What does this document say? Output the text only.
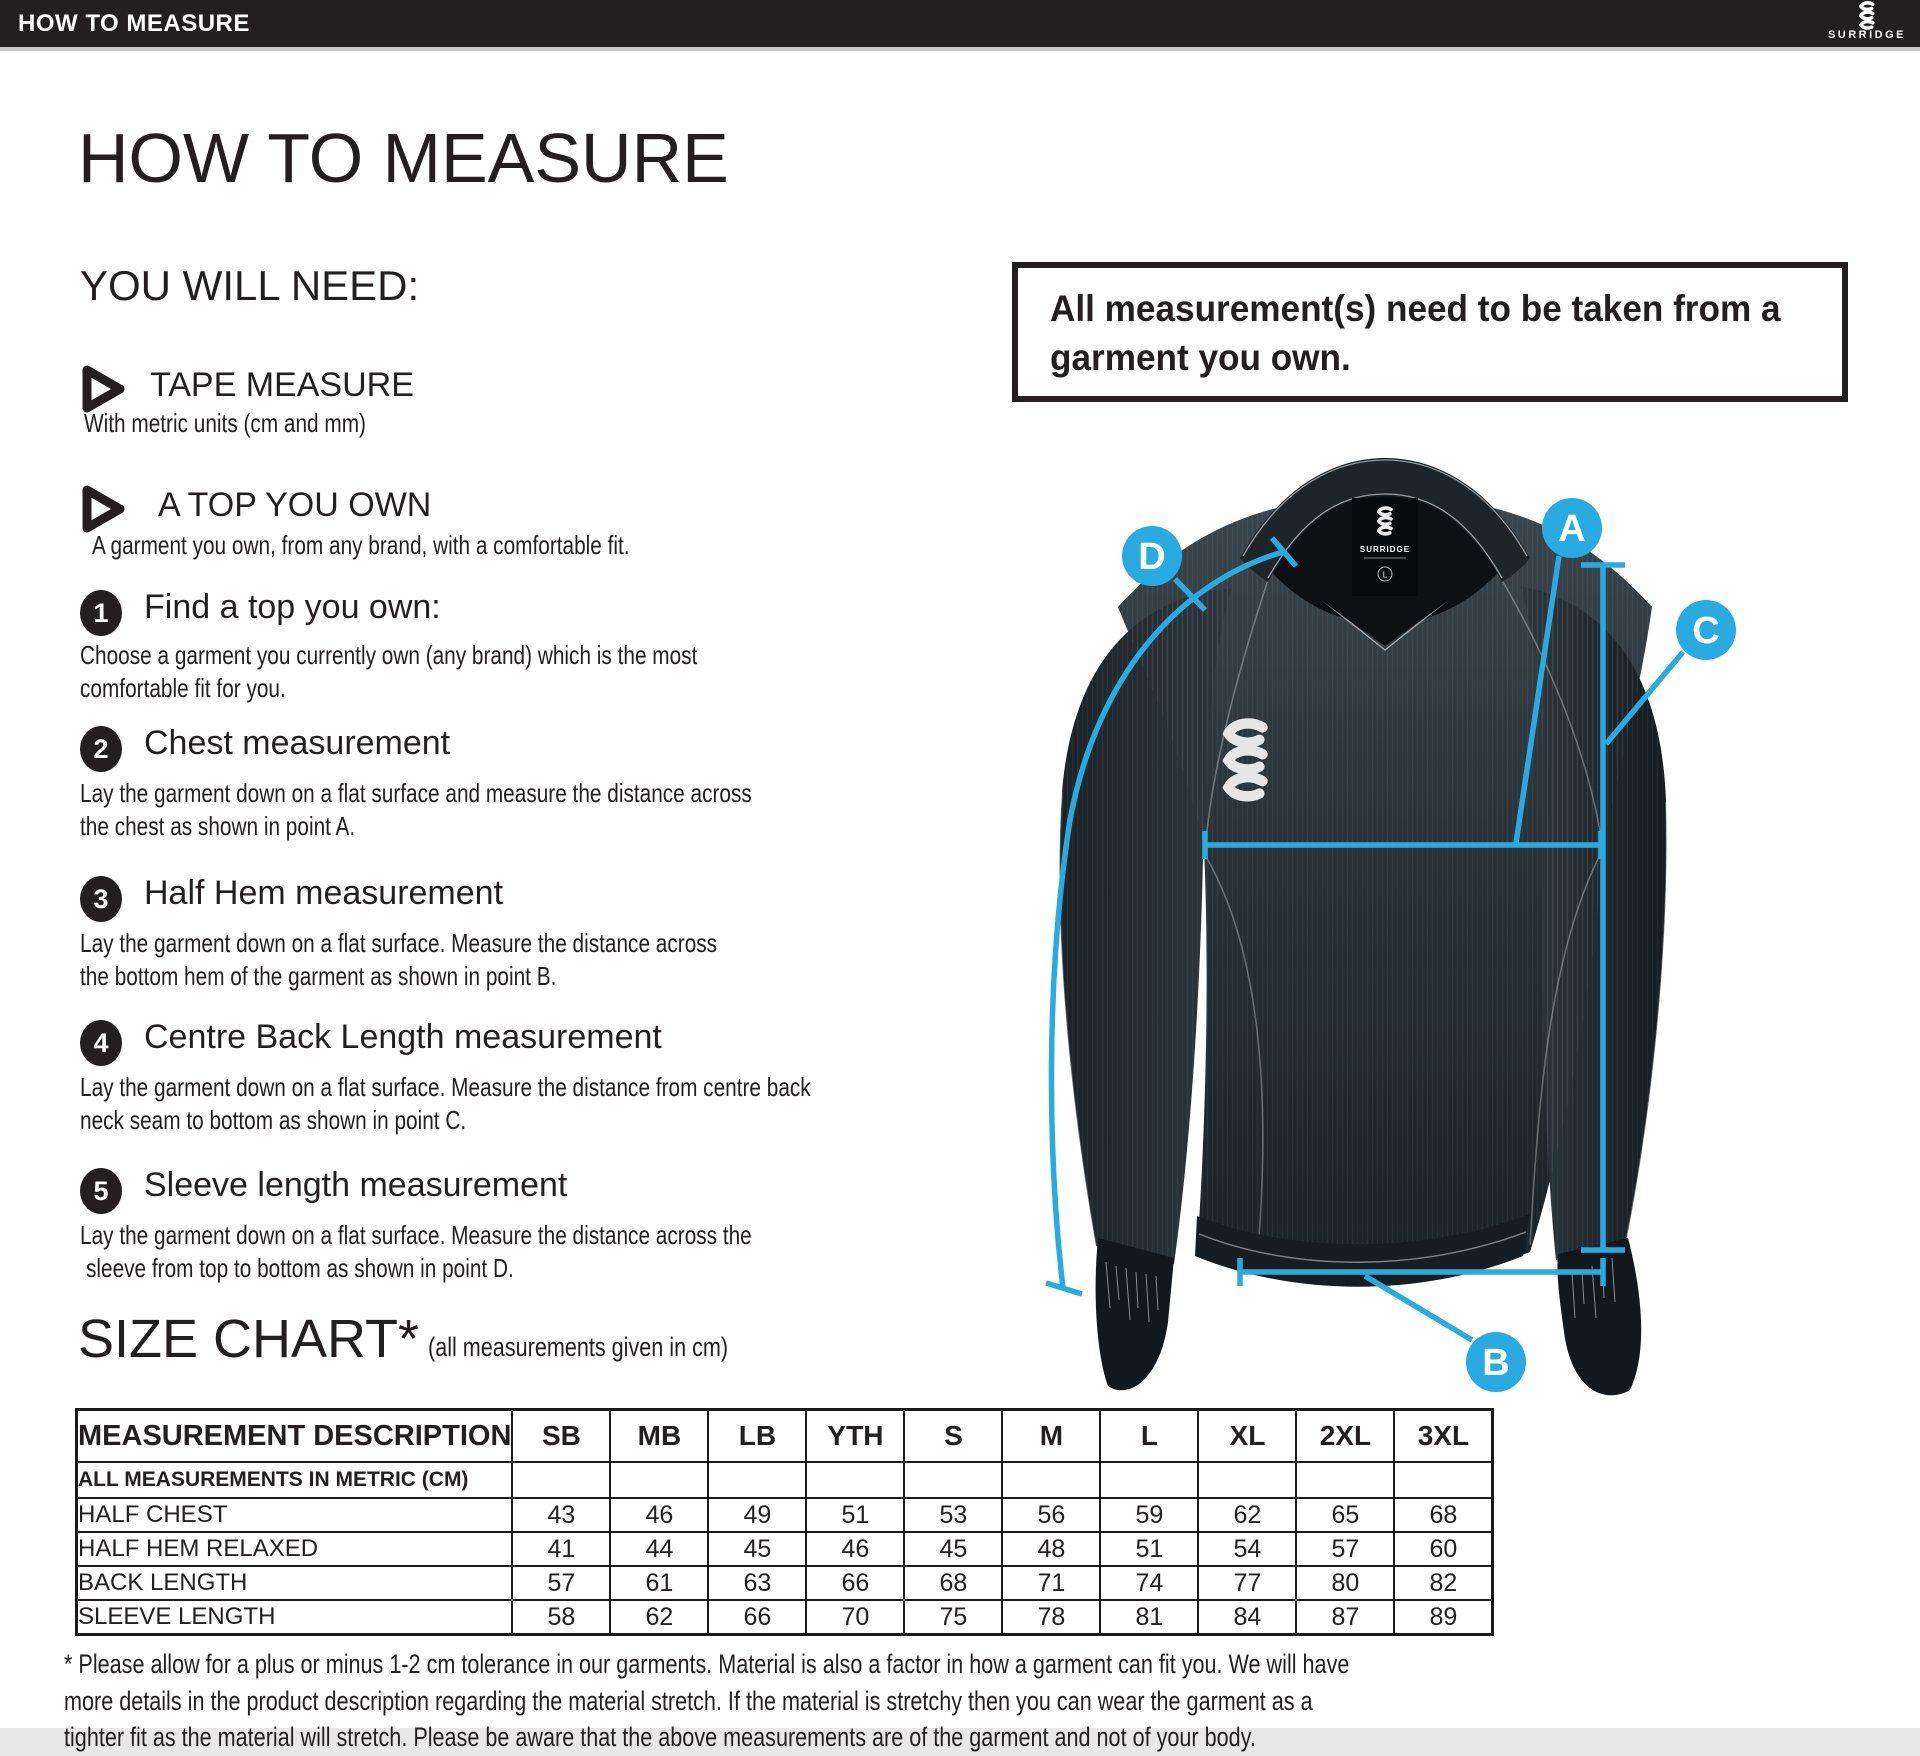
HOW TO MEASURE	SURRIDGE
HOW TO MEASURE
YOU WILL NEED:
TAPE MEASURE
With metric units (cm and mm)
A TOP YOU OWN
A garment you own, from any brand, with a comfortable fit.
1	Find a top you own:
Choose a garment you currently own (any brand) which is the most
comfortable fit for you.
2	Chest measurement
Lay the garment down on a flat surface and measure the distance across
the chest as shown in point A.
3	Half Hem measurement
Lay the garment down on a flat surface. Measure the distance across
the bottom hem of the garment as shown in point B.
4	Centre Back Length measurement
Lay the garment down on a flat surface. Measure the distance from centre back
neck seam to bottom as shown in point C.
5	Sleeve length measurement
Lay the garment down on a flat surface. Measure the distance across the
sleeve from top to bottom as shown in point D.
All measurement(s) need to be taken from a
garment you own.
SURRIDGE
L
A
C
D
B
SIZE CHART* (all measurements given in cm)
MEASUREMENT DESCRIPTION	SB	MB	LB	YTH	S	M	L	XL	2XL	3XL
ALL MEASUREMENTS IN METRIC (CM)										
HALF CHEST	43	46	49	51	53	56	59	62	65	68
HALF HEM RELAXED	41	44	45	46	45	48	51	54	57	60
BACK LENGTH	57	61	63	66	68	71	74	77	80	82
SLEEVE LENGTH	58	62	66	70	75	78	81	84	87	89
* Please allow for a plus or minus 1-2 cm tolerance in our garments. Material is also a factor in how a garment can fit you. We will have
more details in the product description regarding the material stretch. If the material is stretchy then you can wear the garment as a
tighter fit as the material will stretch. Please be aware that the above measurements are of the garment and not of your body.
